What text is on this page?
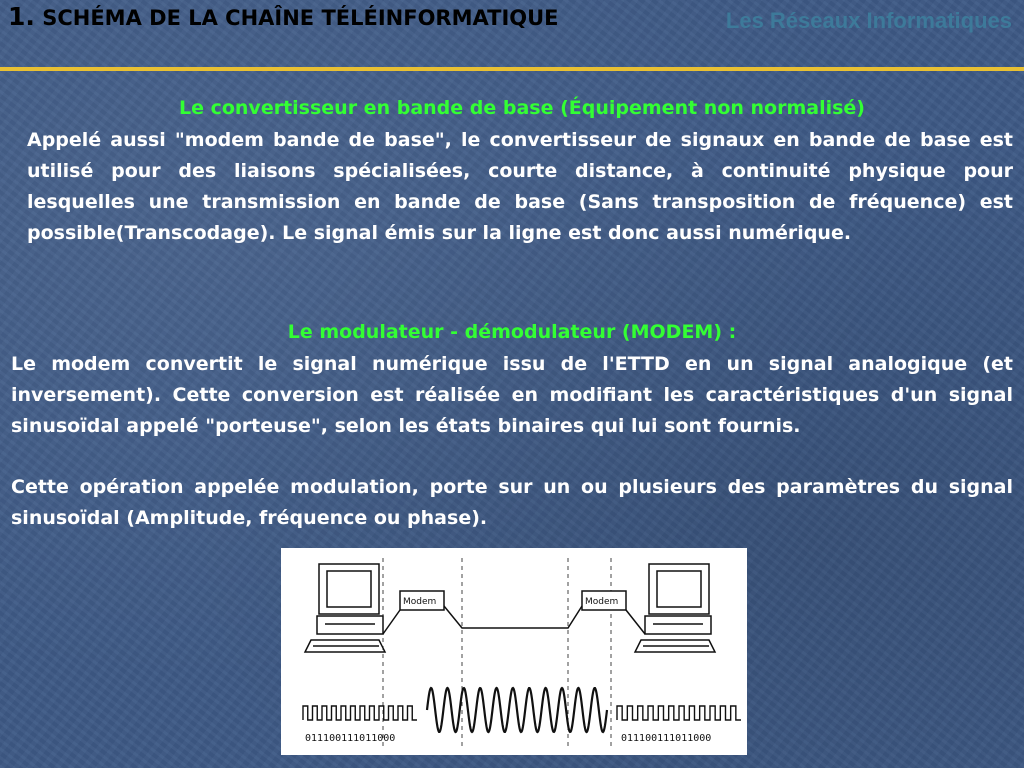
1. SCHÉMA DE LA CHAÎNE TÉLÉINFORMATIQUE	Les Réseaux Informatiques

Le convertisseur en bande de base (Équipement non normalisé)

Appelé aussi "modem bande de base", le convertisseur de signaux en bande de base est utilisé pour des liaisons spécialisées, courte distance, à continuité physique pour lesquelles une transmission en bande de base (Sans transposition de fréquence) est possible(Transcodage). Le signal émis sur la ligne est donc aussi numérique.

Le modulateur - démodulateur (MODEM) :

Le modem convertit le signal numérique issu de l'ETTD en un signal analogique (et inversement). Cette conversion est réalisée en modifiant les caractéristiques d'un signal sinusoïdal appelé "porteuse", selon les états binaires qui lui sont fournis.

Cette opération appelée modulation, porte sur un ou plusieurs des paramètres du signal sinusoïdal (Amplitude, fréquence ou phase).

Modem	Modem
011100111011000	011100111011000
